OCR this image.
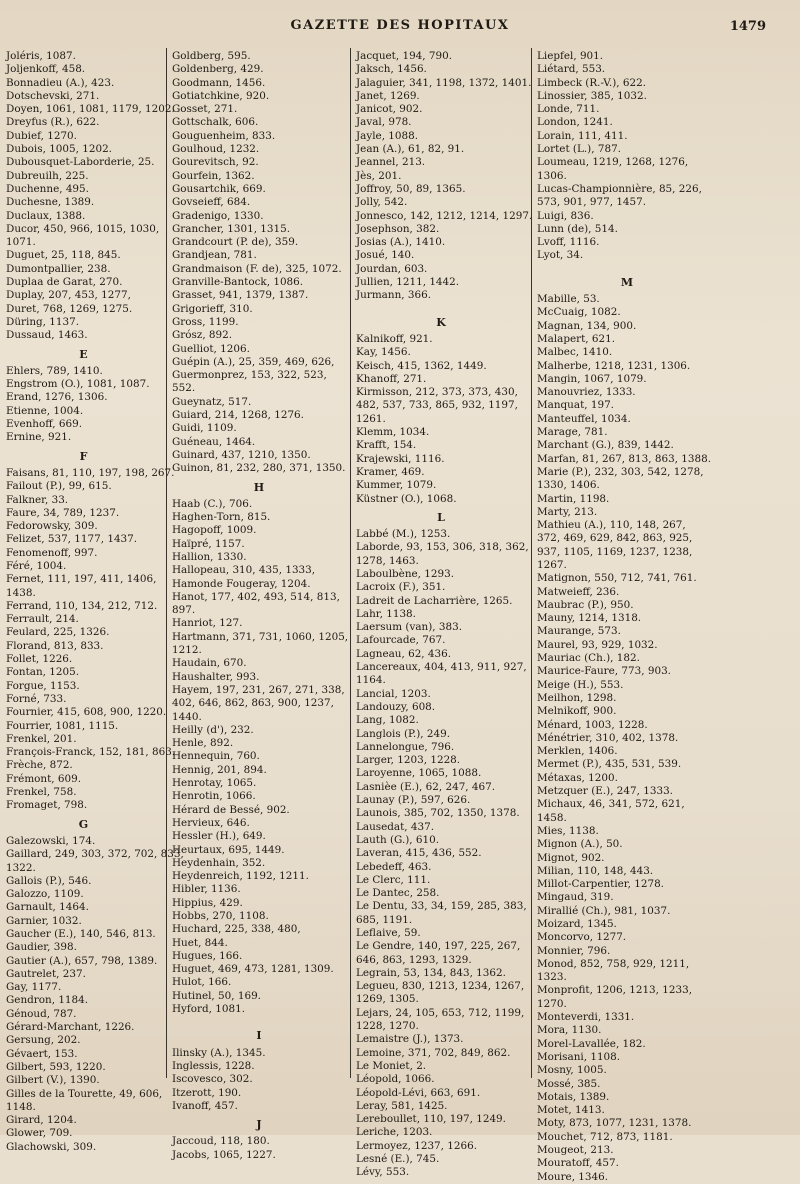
GAZETTE DES HOPITAUX	1479
Joléris, 1087.
Joljenkoff, 458.
Bonnadieu (A.), 423.
Dotschevski, 271.
Doyen, 1061, 1081, 1179, 1202.
Dreyfus (R.), 622.
Dubief, 1270.
Dubois, 1005, 1202.
Dubousquet-Laborderie, 25.
Dubreuilh, 225.
Duchenne, 495.
Duchesne, 1389.
Duclaux, 1388.
Ducor, 450, 966, 1015, 1030,
1071.
Duguet, 25, 118, 845.
Dumontpallier, 238.
Duplaa de Garat, 270.
Duplay, 207, 453, 1277,
Duret, 768, 1269, 1275.
Düring, 1137.
Dussaud, 1463.
E
Ehlers, 789, 1410.
Engstrom (O.), 1081, 1087.
Erand, 1276, 1306.
Etienne, 1004.
Evenhoff, 669.
Ernine, 921.
F
Faisans, 81, 110, 197, 198, 267.
Failout (P.), 99, 615.
Falkner, 33.
Faure, 34, 789, 1237.
Fedorowsky, 309.
Felizet, 537, 1177, 1437.
Fenomenoff, 997.
Féré, 1004.
Fernet, 111, 197, 411, 1406,
1438.
Ferrand, 110, 134, 212, 712.
Ferrault, 214.
Feulard, 225, 1326.
Florand, 813, 833.
Follet, 1226.
Fontan, 1205.
Forgue, 1153.
Forné, 733.
Fournier, 415, 608, 900, 1220.
Fourrier, 1081, 1115.
Frenkel, 201.
François-Franck, 152, 181, 863.
Frèche, 872.
Frémont, 609.
Frenkel, 758.
Fromaget, 798.
G
Galezowski, 174.
Gaillard, 249, 303, 372, 702, 833,
1322.
Gallois (P.), 546.
Galozzo, 1109.
Garnault, 1464.
Garnier, 1032.
Gaucher (E.), 140, 546, 813.
Gaudier, 398.
Gautier (A.), 657, 798, 1389.
Gautrelet, 237.
Gay, 1177.
Gendron, 1184.
Génoud, 787.
Gérard-Marchant, 1226.
Gersung, 202.
Gévaert, 153.
Gilbert, 593, 1220.
Gilbert (V.), 1390.
Gilles de la Tourette, 49, 606,
1148.
Girard, 1204.
Glower, 709.
Glachowski, 309.
Goldberg, 595.
Goldenberg, 429.
Goodmann, 1456.
Gotiatchkine, 920.
Gosset, 271.
Gottschalk, 606.
Gouguenheim, 833.
Goulhoud, 1232.
Gourevitsch, 92.
Gourfein, 1362.
Gousartchik, 669.
Govseieff, 684.
Gradenigo, 1330.
Grancher, 1301, 1315.
Grandcourt (P. de), 359.
Grandjean, 781.
Grandmaison (F. de), 325, 1072.
Granville-Bantock, 1086.
Grasset, 941, 1379, 1387.
Grigorieff, 310.
Gross, 1199.
Grósz, 892.
Guelliot, 1206.
Guépin (A.), 25, 359, 469, 626,
Guermonprez, 153, 322, 523,
552.
Gueynatz, 517.
Guiard, 214, 1268, 1276.
Guidi, 1109.
Guéneau, 1464.
Guinard, 437, 1210, 1350.
Guinon, 81, 232, 280, 371, 1350.
H
Haab (C.), 706.
Haghen-Torn, 815.
Hagopoff, 1009.
Haïpré, 1157.
Hallion, 1330.
Hallopeau, 310, 435, 1333,
Hamonde Fougeray, 1204.
Hanot, 177, 402, 493, 514, 813,
897.
Hanriot, 127.
Hartmann, 371, 731, 1060, 1205,
1212.
Haudain, 670.
Haushalter, 993.
Hayem, 197, 231, 267, 271, 338,
402, 646, 862, 863, 900, 1237,
1440.
Heilly (d'), 232.
Henle, 892.
Hennequin, 760.
Hennig, 201, 894.
Henrotay, 1065.
Henrotin, 1066.
Hérard de Bessé, 902.
Hervieux, 646.
Hessler (H.), 649.
Heurtaux, 695, 1449.
Heydenhain, 352.
Heydenreich, 1192, 1211.
Hibler, 1136.
Hippius, 429.
Hobbs, 270, 1108.
Huchard, 225, 338, 480,
Huet, 844.
Hugues, 166.
Huguet, 469, 473, 1281, 1309.
Hulot, 166.
Hutinel, 50, 169.
Hyford, 1081.
I
Ilinsky (A.), 1345.
Inglessis, 1228.
Iscovesco, 302.
Itzerott, 190.
Ivanoff, 457.
J
Jaccoud, 118, 180.
Jacobs, 1065, 1227.
Jacquet, 194, 790.
Jaksch, 1456.
Jalaguier, 341, 1198, 1372, 1401.
Janet, 1269.
Janicot, 902.
Javal, 978.
Jayle, 1088.
Jean (A.), 61, 82, 91.
Jeannel, 213.
Jès, 201.
Joffroy, 50, 89, 1365.
Jolly, 542.
Jonnesco, 142, 1212, 1214, 1297.
Josephson, 382.
Josias (A.), 1410.
Josué, 140.
Jourdan, 603.
Jullien, 1211, 1442.
Jurmann, 366.
K
Kalnikoff, 921.
Kay, 1456.
Keisch, 415, 1362, 1449.
Khanoff, 271.
Kirmisson, 212, 373, 373, 430,
482, 537, 733, 865, 932, 1197,
1261.
Klemm, 1034.
Krafft, 154.
Krajewski, 1116.
Kramer, 469.
Kummer, 1079.
Küstner (O.), 1068.
L
Labbé (M.), 1253.
Laborde, 93, 153, 306, 318, 362,
1278, 1463.
Laboulbène, 1293.
Lacroix (F.), 351.
Ladreit de Lacharrière, 1265.
Lahr, 1138.
Laersum (van), 383.
Lafourcade, 767.
Lagneau, 62, 436.
Lancereaux, 404, 413, 911, 927,
1164.
Lancial, 1203.
Landouzy, 608.
Lang, 1082.
Langlois (P.), 249.
Lannelongue, 796.
Larger, 1203, 1228.
Laroyenne, 1065, 1088.
Lasnièe (E.), 62, 247, 467.
Launay (P.), 597, 626.
Launois, 385, 702, 1350, 1378.
Lausedat, 437.
Lauth (G.), 610.
Laveran, 415, 436, 552.
Lebedeff, 463.
Le Clerc, 111.
Le Dantec, 258.
Le Dentu, 33, 34, 159, 285, 383,
685, 1191.
Leflaive, 59.
Le Gendre, 140, 197, 225, 267,
646, 863, 1293, 1329.
Legrain, 53, 134, 843, 1362.
Legueu, 830, 1213, 1234, 1267,
1269, 1305.
Lejars, 24, 105, 653, 712, 1199,
1228, 1270.
Lemaistre (J.), 1373.
Lemoine, 371, 702, 849, 862.
Le Moniet, 2.
Léopold, 1066.
Léopold-Lévi, 663, 691.
Leray, 581, 1425.
Lereboullet, 110, 197, 1249.
Leriche, 1203.
Lermoyez, 1237, 1266.
Lesné (E.), 745.
Lévy, 553.
Liepfel, 901.
Liétard, 553.
Limbeck (R.-V.), 622.
Linossier, 385, 1032.
Londe, 711.
London, 1241.
Lorain, 111, 411.
Lortet (L.), 787.
Loumeau, 1219, 1268, 1276,
1306.
Lucas-Championnière, 85, 226,
573, 901, 977, 1457.
Luigi, 836.
Lunn (de), 514.
Lvoff, 1116.
Lyot, 34.
M
Mabille, 53.
McCuaig, 1082.
Magnan, 134, 900.
Malapert, 621.
Malbec, 1410.
Malherbe, 1218, 1231, 1306.
Mangin, 1067, 1079.
Manouvriez, 1333.
Manquat, 197.
Manteuffel, 1034.
Marage, 781.
Marchant (G.), 839, 1442.
Marfan, 81, 267, 813, 863, 1388.
Marie (P.), 232, 303, 542, 1278,
1330, 1406.
Martin, 1198.
Marty, 213.
Mathieu (A.), 110, 148, 267,
372, 469, 629, 842, 863, 925,
937, 1105, 1169, 1237, 1238,
1267.
Matignon, 550, 712, 741, 761.
Matweieff, 236.
Maubrac (P.), 950.
Mauny, 1214, 1318.
Maurange, 573.
Maurel, 93, 929, 1032.
Mauriac (Ch.), 182.
Maurice-Faure, 773, 903.
Meige (H.), 553.
Meilhon, 1298.
Melnikoff, 900.
Ménard, 1003, 1228.
Ménétrier, 310, 402, 1378.
Merklen, 1406.
Mermet (P.), 435, 531, 539.
Métaxas, 1200.
Metzquer (E.), 247, 1333.
Michaux, 46, 341, 572, 621,
1458.
Mies, 1138.
Mignon (A.), 50.
Mignot, 902.
Milian, 110, 148, 443.
Millot-Carpentier, 1278.
Mingaud, 319.
Mirallié (Ch.), 981, 1037.
Moizard, 1345.
Moncorvo, 1277.
Monnier, 796.
Monod, 852, 758, 929, 1211,
1323.
Monprofit, 1206, 1213, 1233,
1270.
Monteverdi, 1331.
Mora, 1130.
Morel-Lavallée, 182.
Morisani, 1108.
Mosny, 1005.
Mossé, 385.
Motais, 1389.
Motet, 1413.
Moty, 873, 1077, 1231, 1378.
Mouchet, 712, 873, 1181.
Mougeot, 213.
Mouratoff, 457.
Moure, 1346.
